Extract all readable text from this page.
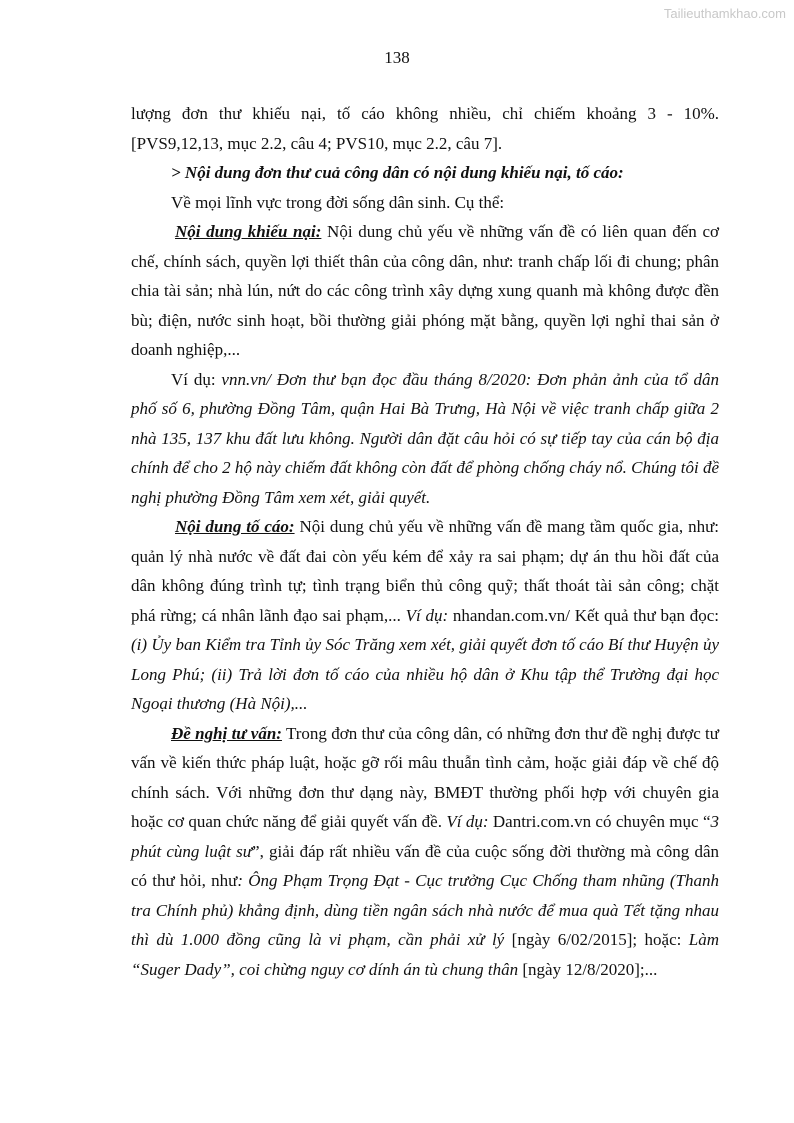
Tailieuthamkhao.com
138

lượng đơn thư khiếu nại, tố cáo không nhiều, chỉ chiếm khoảng 3 - 10%. [PVS9,12,13, mục 2.2, câu 4; PVS10, mục 2.2, câu 7].

> Nội dung đơn thư cuả công dân có nội dung khiếu nại, tố cáo:

Về mọi lĩnh vực trong đời sống dân sinh. Cụ thể:

Nội dung khiếu nại: Nội dung chủ yếu về những vấn đề có liên quan đến cơ chế, chính sách, quyền lợi thiết thân của công dân, như: tranh chấp lối đi chung; phân chia tài sản; nhà lún, nứt do các công trình xây dựng xung quanh mà không được đền bù; điện, nước sinh hoạt, bồi thường giải phóng mặt bằng, quyền lợi nghỉ thai sản ở doanh nghiệp,...

Ví dụ: vnn.vn/ Đơn thư bạn đọc đầu tháng 8/2020: Đơn phản ảnh của tổ dân phố số 6, phường Đồng Tâm, quận Hai Bà Trưng, Hà Nội về việc tranh chấp giữa 2 nhà 135, 137 khu đất lưu không. Người dân đặt câu hỏi có sự tiếp tay của cán bộ địa chính để cho 2 hộ này chiếm đất không còn đất để phòng chống cháy nổ. Chúng tôi đề nghị phường Đồng Tâm xem xét, giải quyết.

Nội dung tố cáo: Nội dung chủ yếu về những vấn đề mang tầm quốc gia, như: quản lý nhà nước về đất đai còn yếu kém để xảy ra sai phạm; dự án thu hồi đất của dân không đúng trình tự; tình trạng biển thủ công quỹ; thất thoát tài sản công; chặt phá rừng; cá nhân lãnh đạo sai phạm,... Ví dụ: nhandan.com.vn/ Kết quả thư bạn đọc: (i) Ủy ban Kiểm tra Tỉnh ủy Sóc Trăng xem xét, giải quyết đơn tố cáo Bí thư Huyện ủy Long Phú; (ii) Trả lời đơn tố cáo của nhiều hộ dân ở Khu tập thể Trường đại học Ngoại thương (Hà Nội),...

Đề nghị tư vấn: Trong đơn thư của công dân, có những đơn thư đề nghị được tư vấn về kiến thức pháp luật, hoặc gỡ rối mâu thuẫn tình cảm, hoặc giải đáp về chế độ chính sách. Với những đơn thư dạng này, BMĐT thường phối hợp với chuyên gia hoặc cơ quan chức năng để giải quyết vấn đề. Ví dụ: Dantri.com.vn có chuyên mục “3 phút cùng luật sư”, giải đáp rất nhiều vấn đề của cuộc sống đời thường mà công dân có thư hỏi, như: Ông Phạm Trọng Đạt - Cục trưởng Cục Chống tham nhũng (Thanh tra Chính phủ) khẳng định, dùng tiền ngân sách nhà nước để mua quà Tết tặng nhau thì dù 1.000 đồng cũng là vi phạm, cần phải xử lý [ngày 6/02/2015]; hoặc: Làm “Suger Dady”, coi chừng nguy cơ dính án tù chung thân [ngày 12/8/2020];...
